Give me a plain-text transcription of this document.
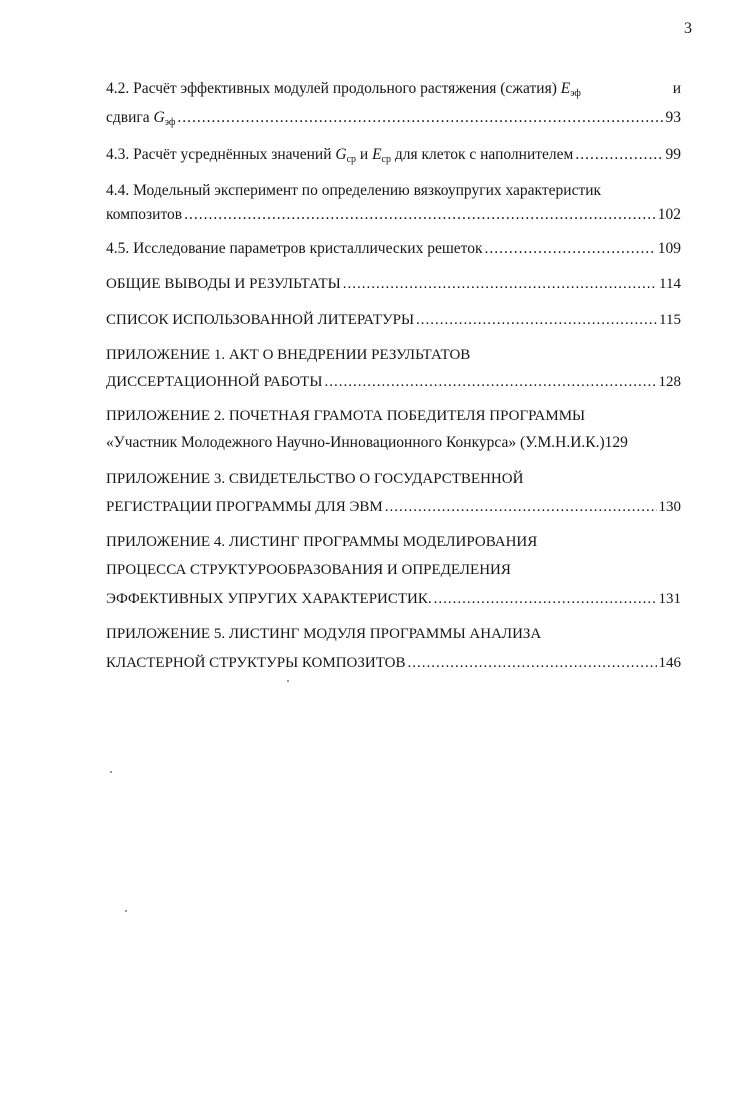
3
4.2. Расчёт эффективных модулей продольного растяжения (сжатия) $E_{эф}$	и
сдвига $G_{эф}$ .....	93
4.3. Расчёт усреднённых значений $G_{ср}$ и $E_{ср}$ для клеток с наполнителем .....	99
4.4. Модельный эксперимент по определению вязкоупругих характеристик
композитов .....	102
4.5. Исследование параметров кристаллических решеток .....	109
ОБЩИЕ ВЫВОДЫ И РЕЗУЛЬТАТЫ .....	114
СПИСОК ИСПОЛЬЗОВАННОЙ ЛИТЕРАТУРЫ .....	115
ПРИЛОЖЕНИЕ 1. АКТ О ВНЕДРЕНИИ РЕЗУЛЬТАТОВ
ДИССЕРТАЦИОННОЙ РАБОТЫ .....	128
ПРИЛОЖЕНИЕ 2. ПОЧЕТНАЯ ГРАМОТА ПОБЕДИТЕЛЯ ПРОГРАММЫ
«Участник Молодежного Научно-Инновационного Конкурса» (У.М.Н.И.К.) 129
ПРИЛОЖЕНИЕ 3. СВИДЕТЕЛЬСТВО О ГОСУДАРСТВЕННОЙ
РЕГИСТРАЦИИ ПРОГРАММЫ ДЛЯ ЭВМ .....	130
ПРИЛОЖЕНИЕ 4. ЛИСТИНГ ПРОГРАММЫ МОДЕЛИРОВАНИЯ
ПРОЦЕССА СТРУКТУРООБРАЗОВАНИЯ И ОПРЕДЕЛЕНИЯ
ЭФФЕКТИВНЫХ УПРУГИХ ХАРАКТЕРИСТИК. .....	131
ПРИЛОЖЕНИЕ 5. ЛИСТИНГ МОДУЛЯ ПРОГРАММЫ АНАЛИЗА
КЛАСТЕРНОЙ СТРУКТУРЫ КОМПОЗИТОВ .....	146
